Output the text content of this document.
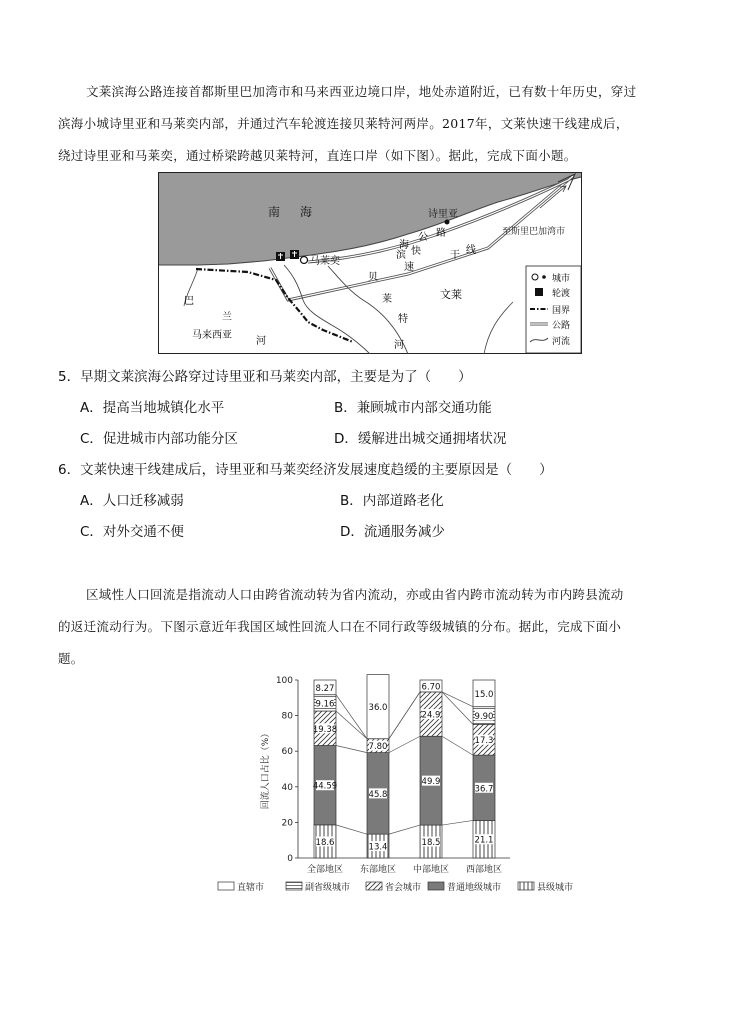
文莱滨海公路连接首都斯里巴加湾市和马来西亚边境口岸，地处赤道附近，已有数十年历史，穿过
滨海小城诗里亚和马莱奕内部，并通过汽车轮渡连接贝莱特河两岸。2017年，文莱快速干线建成后，
绕过诗里亚和马莱奕，通过桥梁跨越贝莱特河，直连口岸（如下图）。据此，完成下面小题。
南 海
至斯里巴加湾市
诗里亚
马莱奕
滨
海
公 路
快
速
干 线
贝
莱
特
河
文莱
巴
兰
马来西亚
河
城市
轮渡
国界
公路
河流
5．早期文莱滨海公路穿过诗里亚和马莱奕内部，主要是为了（　　）
A．提高当地城镇化水平	B．兼顾城市内部交通功能
C．促进城市内部功能分区	D．缓解进出城交通拥堵状况
6．文莱快速干线建成后，诗里亚和马莱奕经济发展速度趋缓的主要原因是（　　）
A．人口迁移减弱	B．内部道路老化
C．对外交通不便	D．流通服务减少
区域性人口回流是指流动人口由跨省流动转为省内流动，亦或由省内跨市流动转为市内跨县流动
的返迁流动行为。下图示意近年我国区域性回流人口在不同行政等级城镇的分布。据此，完成下面小
题。
0
20
40
60
80
100
回流人口占比（%）
全部地区 东部地区 中部地区 西部地区
18.6
44.59
19.38
9.16
8.27
13.4
45.8
7.80
36.0
18.5
49.9
24.9
6.70
21.1
36.7
17.3
9.90
15.0
直辖市	副省级城市	省会城市	普通地级城市	县级城市
